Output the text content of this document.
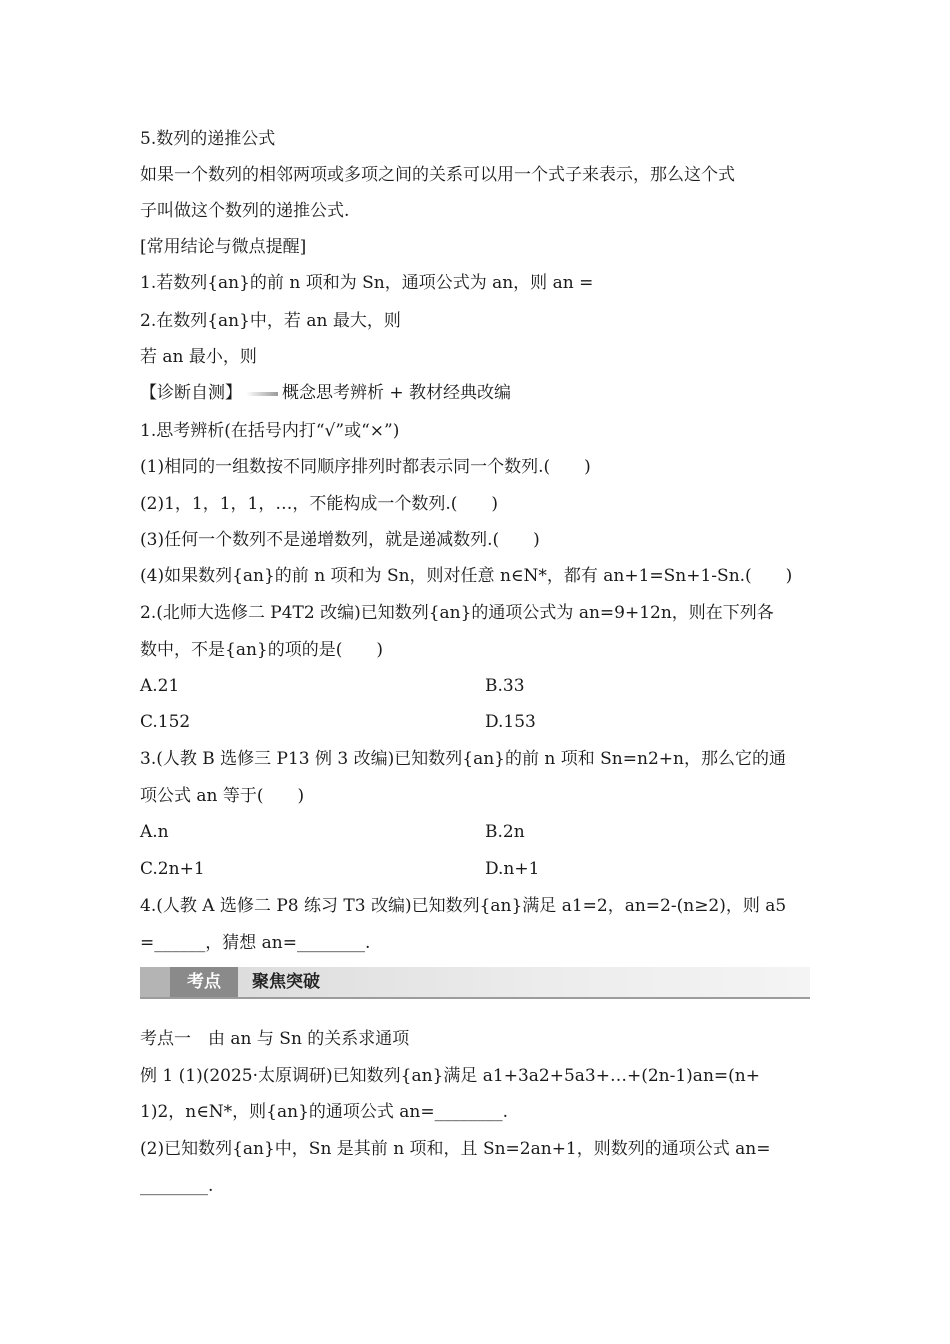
5.数列的递推公式
如果一个数列的相邻两项或多项之间的关系可以用一个式子来表示，那么这个式
子叫做这个数列的递推公式.
[常用结论与微点提醒]
1.若数列{an}的前 n 项和为 Sn，通项公式为 an，则 an =
2.在数列{an}中，若 an 最大，则
若 an 最小，则
【诊断自测】 概念思考辨析 + 教材经典改编
1.思考辨析(在括号内打“√”或“×”)
(1)相同的一组数按不同顺序排列时都表示同一个数列.(　　)
(2)1，1，1，1，…，不能构成一个数列.(　　)
(3)任何一个数列不是递增数列，就是递减数列.(　　)
(4)如果数列{an}的前 n 项和为 Sn，则对任意 n∈N*，都有 an+1=Sn+1-Sn.(　　)
2.(北师大选修二 P4T2 改编)已知数列{an}的通项公式为 an=9+12n，则在下列各
数中，不是{an}的项的是(　　)
A.21	B.33
C.152	D.153
3.(人教 B 选修三 P13 例 3 改编)已知数列{an}的前 n 项和 Sn=n2+n，那么它的通
项公式 an 等于(　　)
A.n	B.2n
C.2n+1	D.n+1
4.(人教 A 选修二 P8 练习 T3 改编)已知数列{an}满足 a1=2，an=2-(n≥2)，则 a5
=______，猜想 an=________.
考点	聚焦突破
考点一　由 an 与 Sn 的关系求通项
例 1 (1)(2025·太原调研)已知数列{an}满足 a1+3a2+5a3+…+(2n-1)an=(n+
1)2，n∈N*，则{an}的通项公式 an=________.
(2)已知数列{an}中，Sn 是其前 n 项和，且 Sn=2an+1，则数列的通项公式 an=
________.
